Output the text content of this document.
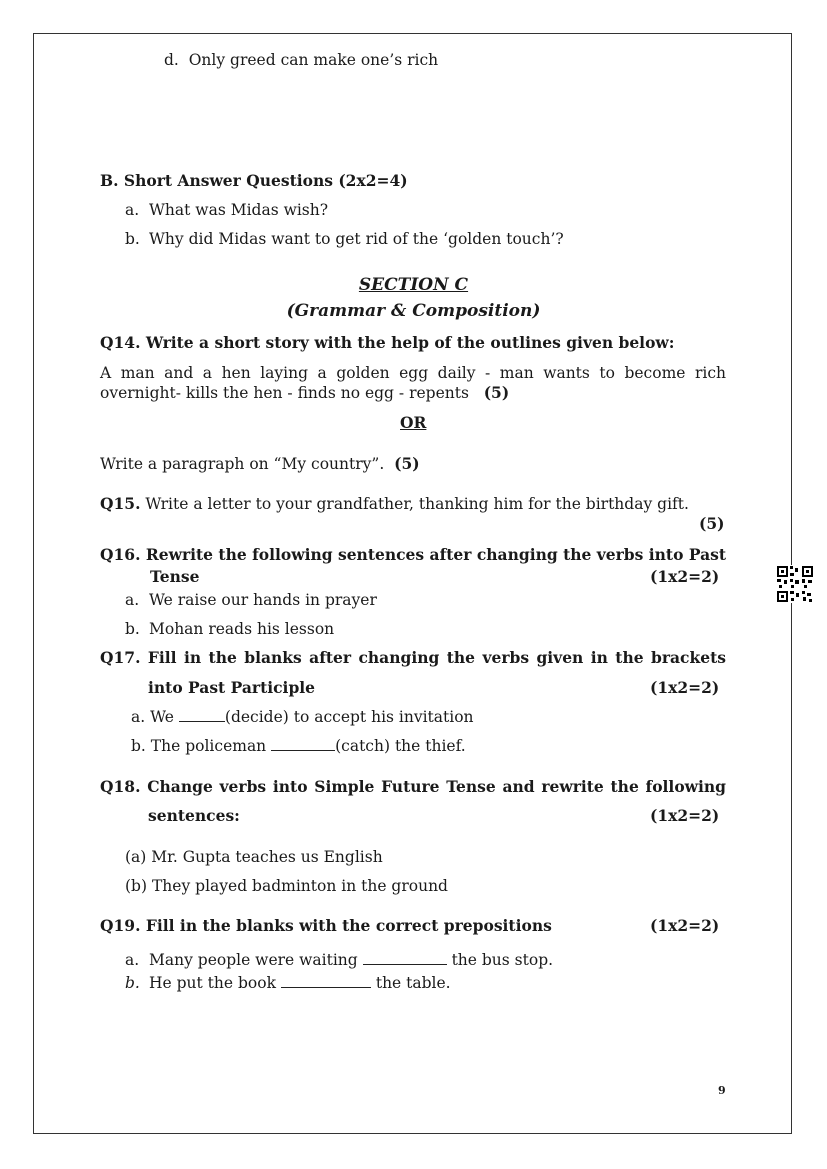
d. Only greed can make one’s rich
B. Short Answer Questions (2x2=4)
a. What was Midas wish?
b. Why did Midas want to get rid of the ‘golden touch’?
SECTION C
(Grammar & Composition)
Q14. Write a short story with the help of the outlines given below:
A man and a hen laying a golden egg daily - man wants to become rich
overnight- kills the hen - finds no egg - repents (5)
OR
Write a paragraph on “My country”. (5)
Q15. Write a letter to your grandfather, thanking him for the birthday gift.
(5)
Q16. Rewrite the following sentences after changing the verbs into Past
Tense	(1x2=2)
a. We raise our hands in prayer
b. Mohan reads his lesson
Q17. Fill in the blanks after changing the verbs given in the brackets
into Past Participle	(1x2=2)
a. We	(decide) to accept his invitation
b. The policeman	(catch) the thief.
Q18. Change verbs into Simple Future Tense and rewrite the following
sentences:	(1x2=2)
(a) Mr. Gupta teaches us English
(b) They played badminton in the ground
Q19. Fill in the blanks with the correct prepositions	(1x2=2)
a. Many people were waiting	the bus stop.
b. He put the book	the table.
9
